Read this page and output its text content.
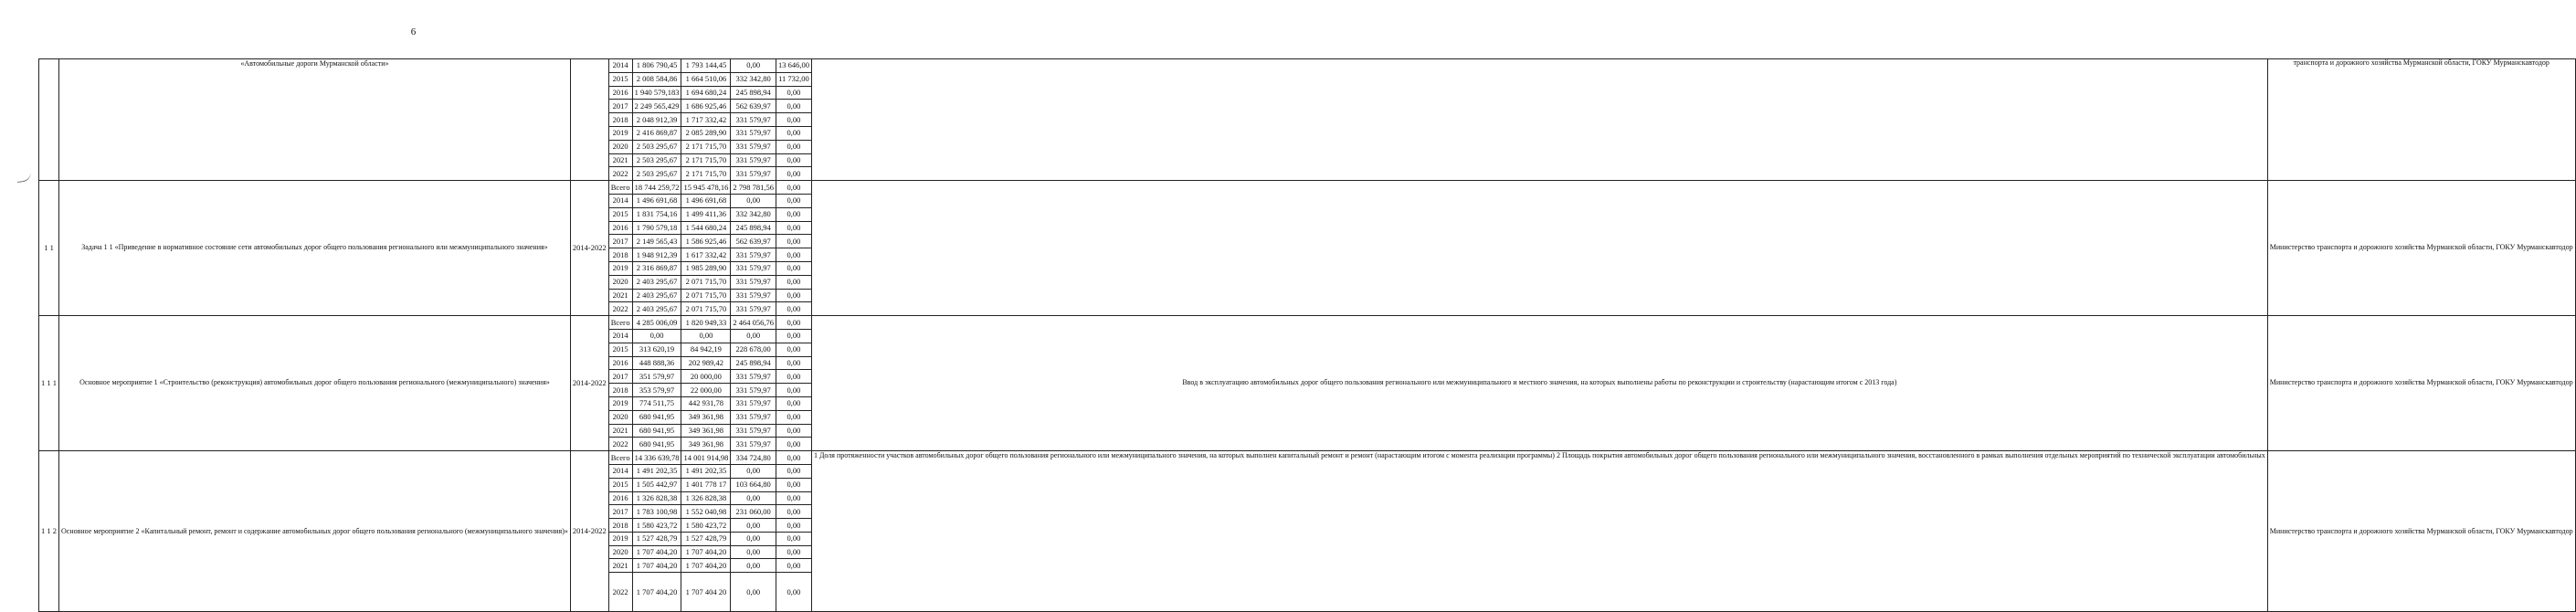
6
	«Автомобильные дороги Мурманской области»		2014	1 806 790,45	1 793 144,45	0,00	13 646,00		транспорта и дорожного хозяйства Мурманской области, ГОКУ Мурманскавтодор
			2015	2 008 584,86	1 664 510,06	332 342,80	11 732,00		
			2016	1 940 579,183	1 694 680,24	245 898,94	0,00		
			2017	2 249 565,429	1 686 925,46	562 639,97	0,00		
			2018	2 048 912,39	1 717 332,42	331 579,97	0,00		
			2019	2 416 869,87	2 085 289,90	331 579,97	0,00		
			2020	2 503 295,67	2 171 715,70	331 579,97	0,00		
			2021	2 503 295,67	2 171 715,70	331 579,97	0,00		
			2022	2 503 295,67	2 171 715,70	331 579,97	0,00		
1 1	Задача 1 1 «Приведение в нормативное состояние сети автомобильных дорог общего пользования регионального или межмуниципального значения»	2014-2022	Всего	18 744 259,72	15 945 478,16	2 798 781,56	0,00		Министерство транспорта и дорожного хозяйства Мурманской области, ГОКУ Мурманскавтодор
			2014	1 496 691,68	1 496 691,68	0,00	0,00		
			2015	1 831 754,16	1 499 411,36	332 342,80	0,00		
			2016	1 790 579,18	1 544 680,24	245 898,94	0,00		
			2017	2 149 565,43	1 586 925,46	562 639,97	0,00		
			2018	1 948 912,39	1 617 332,42	331 579,97	0,00		
			2019	2 316 869,87	1 985 289,90	331 579,97	0,00		
			2020	2 403 295,67	2 071 715,70	331 579,97	0,00		
			2021	2 403 295,67	2 071 715,70	331 579,97	0,00		
			2022	2 403 295,67	2 071 715,70	331 579,97	0,00		
1 1 1	Основное мероприятие 1 «Строительство (реконструкция) автомобильных дорог общего пользования регионального (межмуниципального) значения»	2014-2022	Всего	4 285 006,09	1 820 949,33	2 464 056,76	0,00	Ввод в эксплуатацию автомобильных дорог общего пользования регионального или межмуниципального и местного значения, на которых выполнены работы по реконструкции и строительству (нарастающим итогом с 2013 года)	Министерство транспорта и дорожного хозяйства Мурманской области, ГОКУ Мурманскавтодор
			2014	0,00	0,00	0,00	0,00		
			2015	313 620,19	84 942,19	228 678,00	0,00		
			2016	448 888,36	202 989,42	245 898,94	0,00		
			2017	351 579,97	20 000,00	331 579,97	0,00		
			2018	353 579,97	22 000,00	331 579,97	0,00		
			2019	774 511,75	442 931,78	331 579,97	0,00		
			2020	680 941,95	349 361,98	331 579,97	0,00		
			2021	680 941,95	349 361,98	331 579,97	0,00		
			2022	680 941,95	349 361,98	331 579,97	0,00		
1 1 2	Основное мероприятие 2 «Капитальный ремонт, ремонт и содержание автомобильных дорог общего пользования регионального (межмуниципального значения)»	2014-2022	Всего	14 336 639,78	14 001 914,98	334 724,80	0,00	1 Доля протяженности участков автомобильных дорог общего пользования регионального или межмуниципального значения, на которых выполнен капитальный ремонт и ремонт (нарастающим итогом с момента реализации программы) 2 Площадь покрытия автомобильных дорог общего пользования регионального или межмуниципального значения, восстановленного в рамках выполнения отдельных мероприятий по технической эксплуатации автомобильных	Министерство транспорта и дорожного хозяйства Мурманской области, ГОКУ Мурманскавтодор
			2014	1 491 202,35	1 491 202,35	0,00	0,00		
			2015	1 505 442,97	1 401 778 17	103 664,80	0,00		
			2016	1 326 828,38	1 326 828,38	0,00	0,00		
			2017	1 783 100,98	1 552 040,98	231 060,00	0,00		
			2018	1 580 423,72	1 580 423,72	0,00	0,00		
			2019	1 527 428,79	1 527 428,79	0,00	0,00		
			2020	1 707 404,20	1 707 404,20	0,00	0,00		
			2021	1 707 404,20	1 707 404,20	0,00	0,00		
			2022	1 707 404,20	1 707 404 20	0,00	0,00		
